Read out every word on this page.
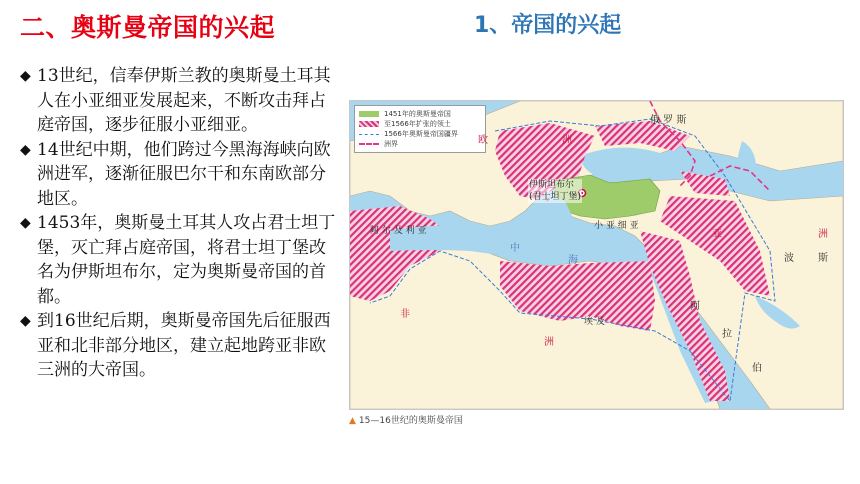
二、奥斯曼帝国的兴起	1、帝国的兴起
◆ 13世纪，信奉伊斯兰教的奥斯曼土耳其人在小亚细亚发展起来，不断攻击拜占庭帝国，逐步征服小亚细亚。
◆ 14世纪中期，他们跨过今黑海海峡向欧洲进军，逐渐征服巴尔干和东南欧部分地区。
◆ 1453年，奥斯曼土耳其人攻占君士坦丁堡，灭亡拜占庭帝国，将君士坦丁堡改名为伊斯坦布尔，定为奥斯曼帝国的首都。
◆ 到16世纪后期，奥斯曼帝国先后征服西亚和北非部分地区，建立起地跨亚非欧三洲的大帝国。
1451年的奥斯曼帝国
至1566年扩张的领土
1566年奥斯曼帝国疆界
洲界
俄 罗 斯
欧	洲
伊斯坦布尔
(君士坦丁堡)
小 亚 细 亚
阿 尔 及 利 亚
中
海
亚	洲
波 斯
阿
拉
伯
非
洲
埃 及
▲ 15—16世纪的奥斯曼帝国
